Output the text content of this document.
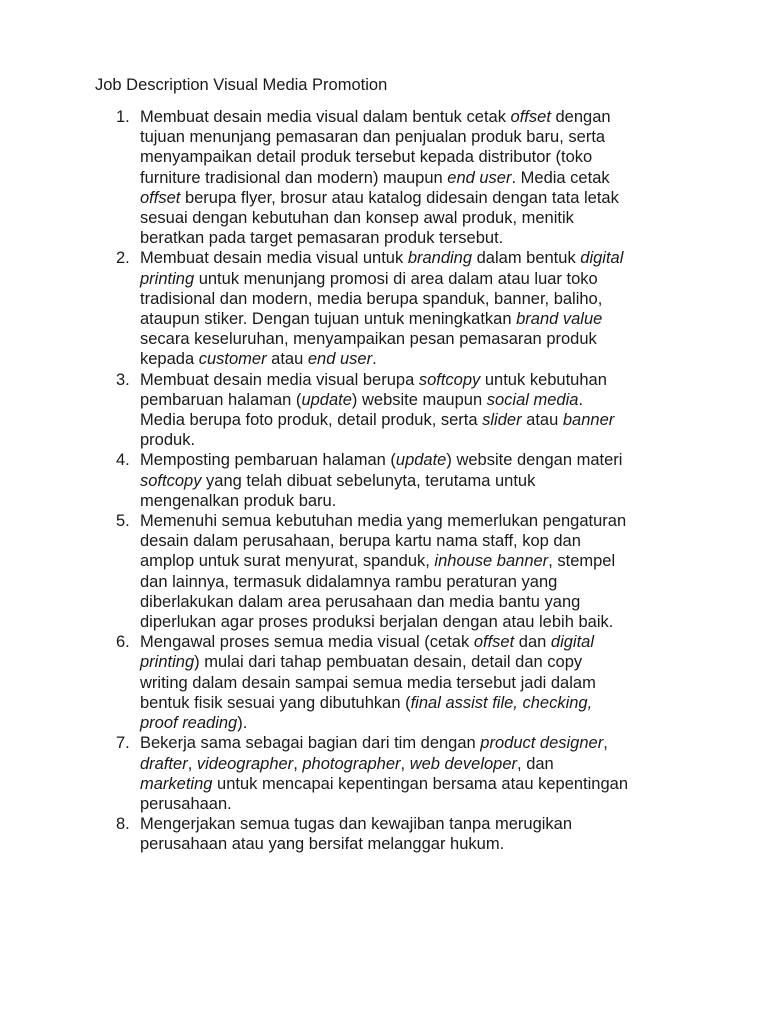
Job Description Visual Media Promotion
1. Membuat desain media visual dalam bentuk cetak offset dengan
tujuan menunjang pemasaran dan penjualan produk baru, serta
menyampaikan detail produk tersebut kepada distributor (toko
furniture tradisional dan modern) maupun end user. Media cetak
offset berupa flyer, brosur atau katalog didesain dengan tata letak
sesuai dengan kebutuhan dan konsep awal produk, menitik
beratkan pada target pemasaran produk tersebut.
2. Membuat desain media visual untuk branding dalam bentuk digital
printing untuk menunjang promosi di area dalam atau luar toko
tradisional dan modern, media berupa spanduk, banner, baliho,
ataupun stiker. Dengan tujuan untuk meningkatkan brand value
secara keseluruhan, menyampaikan pesan pemasaran produk
kepada customer atau end user.
3. Membuat desain media visual berupa softcopy untuk kebutuhan
pembaruan halaman (update) website maupun social media.
Media berupa foto produk, detail produk, serta slider atau banner
produk.
4. Memposting pembaruan halaman (update) website dengan materi
softcopy yang telah dibuat sebelunyta, terutama untuk
mengenalkan produk baru.
5. Memenuhi semua kebutuhan media yang memerlukan pengaturan
desain dalam perusahaan, berupa kartu nama staff, kop dan
amplop untuk surat menyurat, spanduk, inhouse banner, stempel
dan lainnya, termasuk didalamnya rambu peraturan yang
diberlakukan dalam area perusahaan dan media bantu yang
diperlukan agar proses produksi berjalan dengan atau lebih baik.
6. Mengawal proses semua media visual (cetak offset dan digital
printing) mulai dari tahap pembuatan desain, detail dan copy
writing dalam desain sampai semua media tersebut jadi dalam
bentuk fisik sesuai yang dibutuhkan (final assist file, checking,
proof reading).
7. Bekerja sama sebagai bagian dari tim dengan product designer,
drafter, videographer, photographer, web developer, dan
marketing untuk mencapai kepentingan bersama atau kepentingan
perusahaan.
8. Mengerjakan semua tugas dan kewajiban tanpa merugikan
perusahaan atau yang bersifat melanggar hukum.
